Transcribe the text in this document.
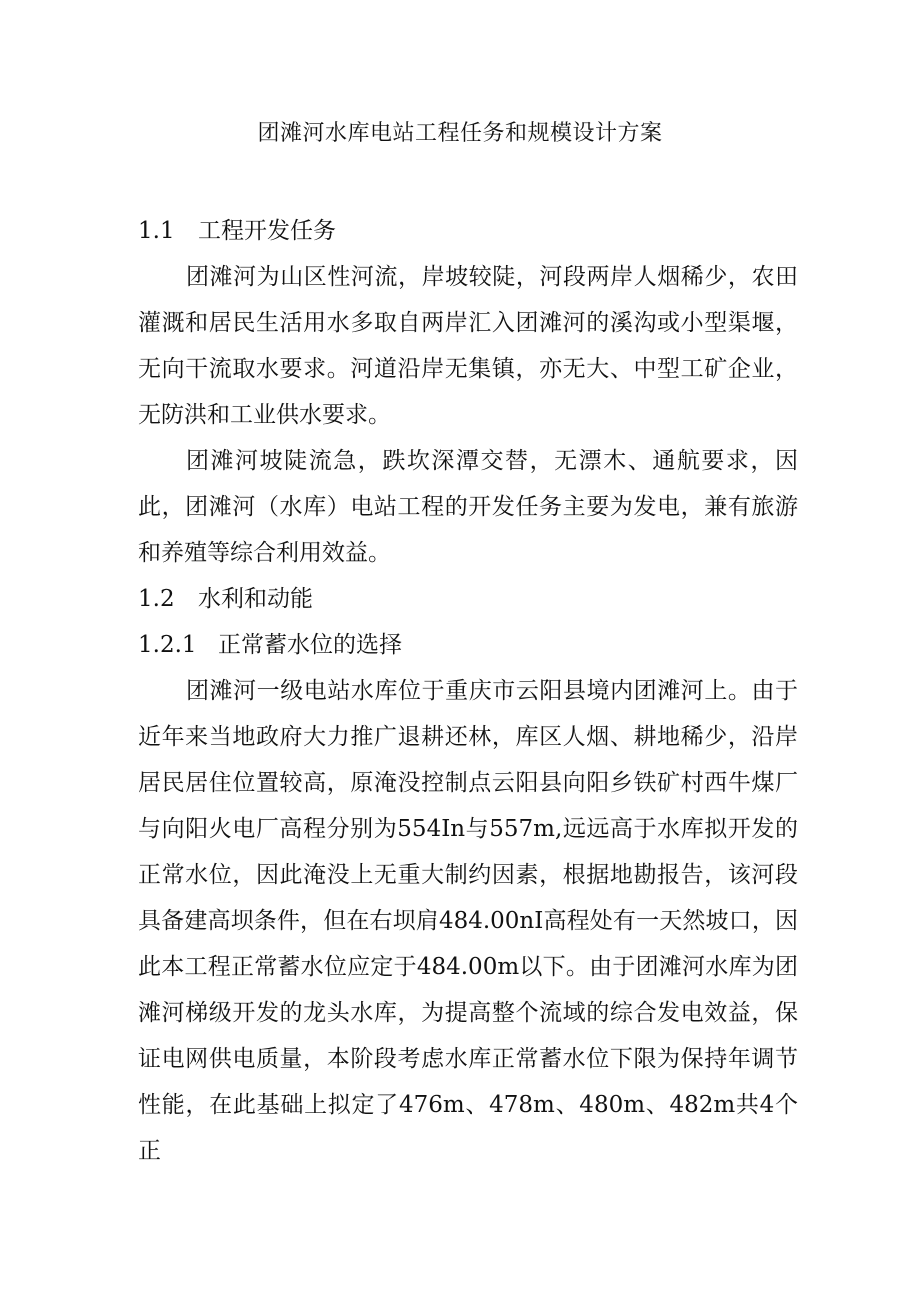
团滩河水库电站工程任务和规模设计方案

1.1 工程开发任务

团滩河为山区性河流，岸坡较陡，河段两岸人烟稀少，农田灌溉和居民生活用水多取自两岸汇入团滩河的溪沟或小型渠堰，无向干流取水要求。河道沿岸无集镇，亦无大、中型工矿企业，无防洪和工业供水要求。

团滩河坡陡流急，跌坎深潭交替，无漂木、通航要求，因此，团滩河（水库）电站工程的开发任务主要为发电，兼有旅游和养殖等综合利用效益。

1.2 水利和动能

1.2.1 正常蓄水位的选择

团滩河一级电站水库位于重庆市云阳县境内团滩河上。由于近年来当地政府大力推广退耕还林，库区人烟、耕地稀少，沿岸居民居住位置较高，原淹没控制点云阳县向阳乡铁矿村西牛煤厂与向阳火电厂高程分别为554In与557m,远远高于水库拟开发的正常水位，因此淹没上无重大制约因素，根据地勘报告，该河段具备建高坝条件，但在右坝肩484.00nI高程处有一天然坡口，因此本工程正常蓄水位应定于484.00m以下。由于团滩河水库为团滩河梯级开发的龙头水库，为提高整个流域的综合发电效益，保证电网供电质量，本阶段考虑水库正常蓄水位下限为保持年调节性能，在此基础上拟定了476m、478m、480m、482m共4个正
